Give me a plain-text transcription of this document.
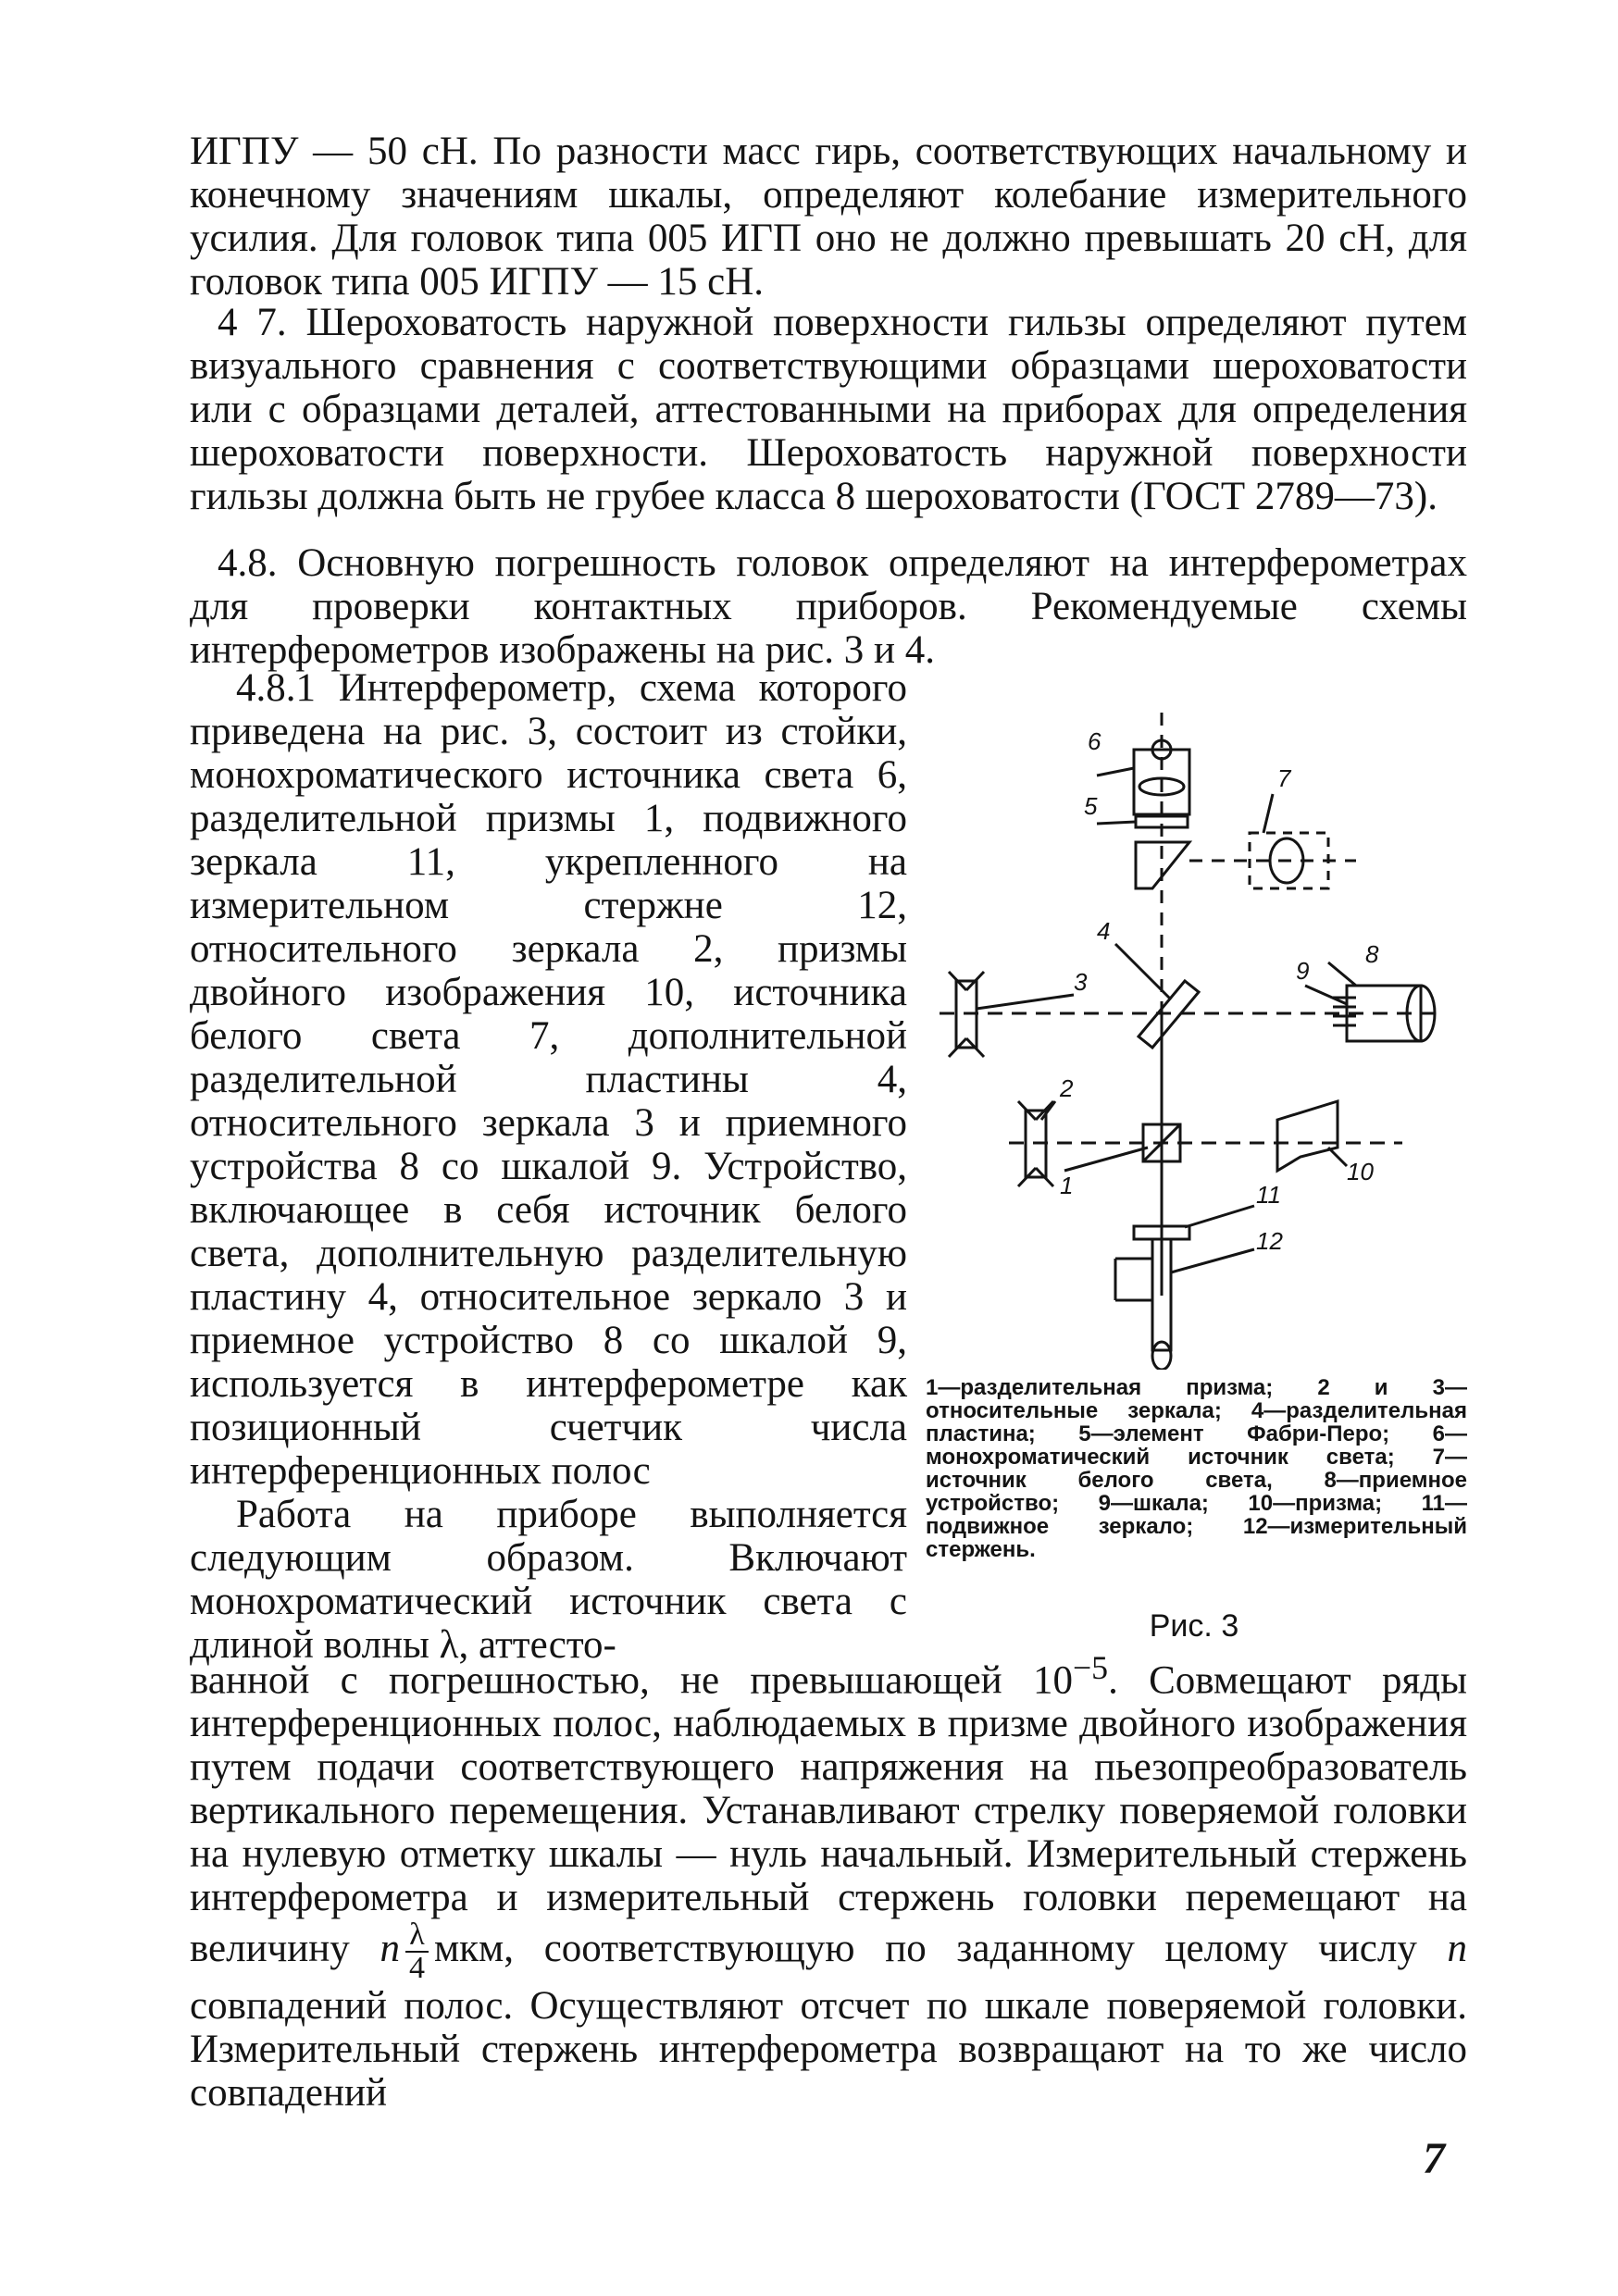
ИГПУ — 50 сН. По разности масс гирь, соответствующих начальному и конечному значениям шкалы, определяют колебание измерительного усилия. Для головок типа 005 ИГП оно не должно превышать 20 сН, для головок типа 005 ИГПУ — 15 сН.

4 7. Шероховатость наружной поверхности гильзы определяют путем визуального сравнения с соответствующими образцами шероховатости или с образцами деталей, аттестованными на приборах для определения шероховатости поверхности. Шероховатость наружной поверхности гильзы должна быть не грубее класса 8 шероховатости (ГОСТ 2789—73).

4.8. Основную погрешность головок определяют на интерферометрах для проверки контактных приборов. Рекомендуемые схемы интерферометров изображены на рис. 3 и 4.

4.8.1 Интерферометр, схема которого приведена на рис. 3, состоит из стойки, монохроматического источника света 6, разделительной призмы 1, подвижного зеркала 11, укрепленного на измерительном стержне 12, относительного зеркала 2, призмы двойного изображения 10, источника белого света 7, дополнительной разделительной пластины 4, относительного зеркала 3 и приемного устройства 8 со шкалой 9. Устройство, включающее в себя источник белого света, дополнительную разделительную пластину 4, относительное зеркало 3 и приемное устройство 8 со шкалой 9, используется в интерферометре как позиционный счетчик числа интерференционных полос

Работа на приборе выполняется следующим образом. Включают монохроматический источник света с длиной волны λ, аттесто-

6
5
7
4
3	9
8
2
1	10
11
12
1—разделительная призма; 2 и 3—относительные зеркала; 4—разделительная пластина; 5—элемент Фабри-Перо; 6—монохроматический источник света; 7—источник белого света, 8—приемное устройство; 9—шкала; 10—призма; 11—подвижное зеркало; 12—измерительный стержень.
Рис. 3

ванной с погрешностью, не превышающей $10^{-5}$. Совмещают ряды интерференционных полос, наблюдаемых в призме двойного изображения путем подачи соответствующего напряжения на пьезопреобразователь вертикального перемещения. Устанавливают стрелку поверяемой головки на нулевую отметку шкалы — нуль начальный. Измерительный стержень интерферометра и измерительный стержень головки перемещают на величину n $\frac{\lambda}{4}$ мкм, соответствующую по заданному целому числу n совпадений полос. Осуществляют отсчет по шкале поверяемой головки. Измерительный стержень интерферометра возвращают на то же число совпадений

7
